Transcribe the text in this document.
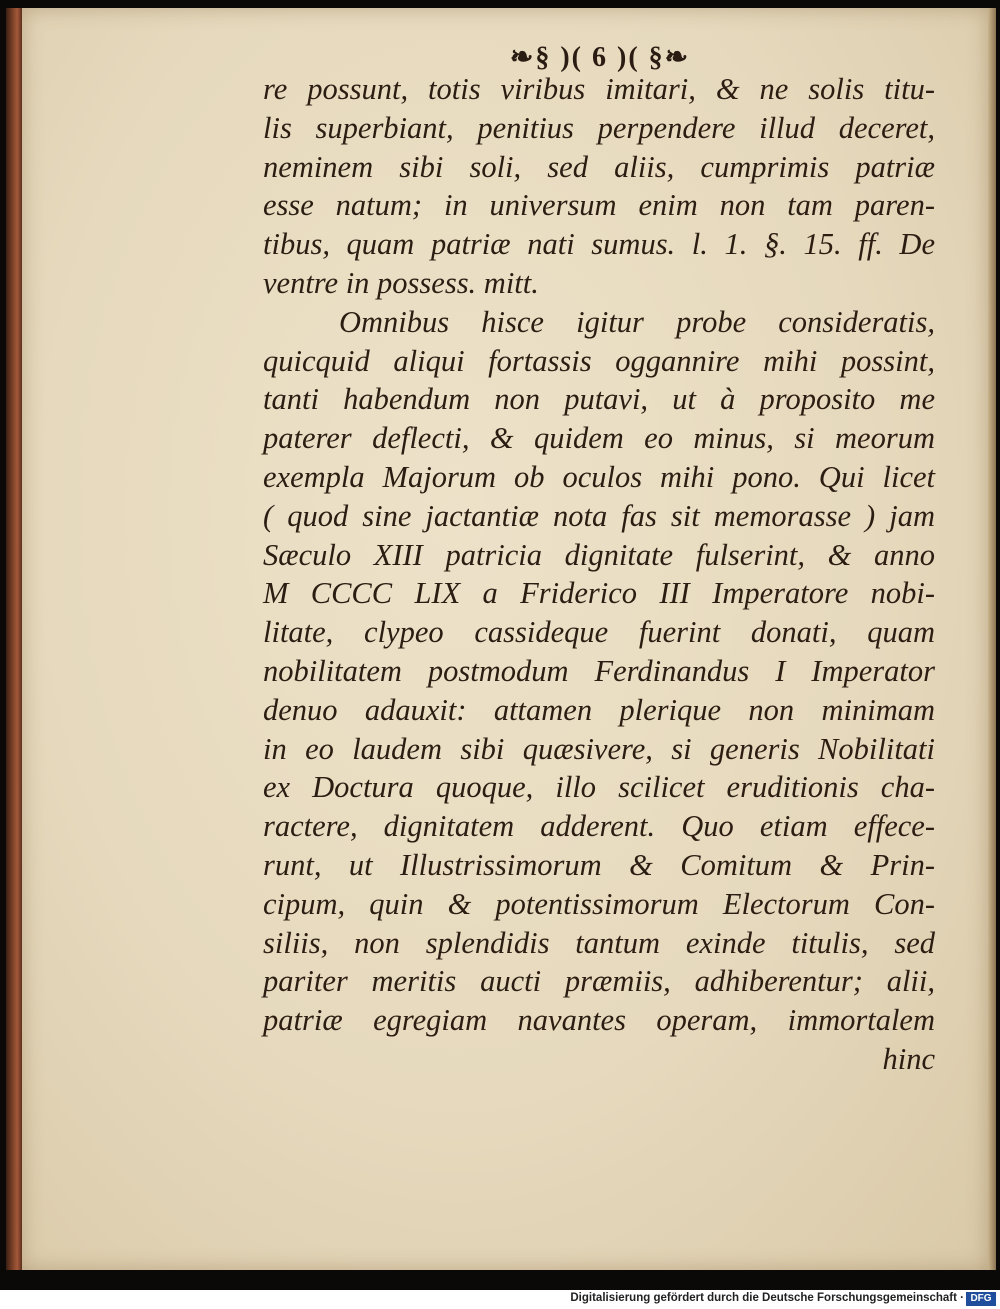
❧§ )( 6 )( §❧
re possunt, totis viribus imitari, & ne solis titu-
lis superbiant, penitius perpendere illud deceret,
neminem sibi soli, sed aliis, cumprimis patriæ
esse natum; in universum enim non tam paren-
tibus, quam patriæ nati sumus. l. 1. §. 15. ff. De
ventre in possess. mitt.
Omnibus hisce igitur probe consideratis,
quicquid aliqui fortassis oggannire mihi possint,
tanti habendum non putavi, ut à proposito me
paterer deflecti, & quidem eo minus, si meorum
exempla Majorum ob oculos mihi pono. Qui licet
( quod sine jactantiæ nota fas sit memorasse ) jam
Sæculo XIII patricia dignitate fulserint, & anno
M CCCC LIX a Friderico III Imperatore nobi-
litate, clypeo cassideque fuerint donati, quam
nobilitatem postmodum Ferdinandus I Imperator
denuo adauxit: attamen plerique non minimam
in eo laudem sibi quæsivere, si generis Nobilitati
ex Doctura quoque, illo scilicet eruditionis cha-
ractere, dignitatem adderent. Quo etiam effece-
runt, ut Illustrissimorum & Comitum & Prin-
cipum, quin & potentissimorum Electorum Con-
siliis, non splendidis tantum exinde titulis, sed
pariter meritis aucti præmiis, adhiberentur; alii,
patriæ egregiam navantes operam, immortalem
hinc
Digitalisierung gefördert durch die Deutsche Forschungsgemeinschaft · DFG
